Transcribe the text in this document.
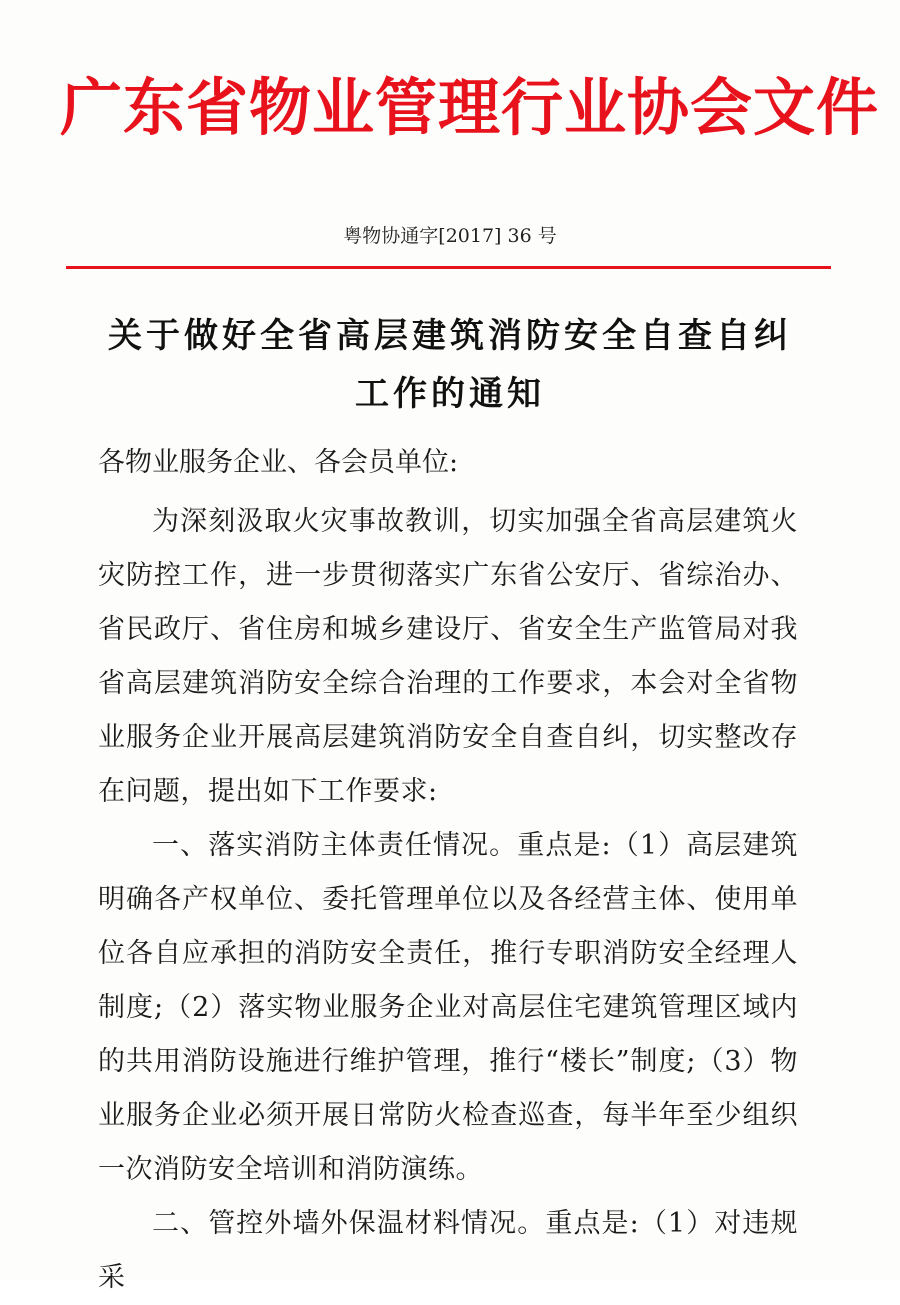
广东省物业管理行业协会文件
粤物协通字[2017] 36 号
关于做好全省高层建筑消防安全自查自纠
工作的通知
各物业服务企业、各会员单位:

为深刻汲取火灾事故教训，切实加强全省高层建筑火灾防控工作，进一步贯彻落实广东省公安厅、省综治办、省民政厅、省住房和城乡建设厅、省安全生产监管局对我省高层建筑消防安全综合治理的工作要求，本会对全省物业服务企业开展高层建筑消防安全自查自纠，切实整改存在问题，提出如下工作要求:

一、落实消防主体责任情况。重点是:（1）高层建筑明确各产权单位、委托管理单位以及各经营主体、使用单位各自应承担的消防安全责任，推行专职消防安全经理人制度;（2）落实物业服务企业对高层住宅建筑管理区域内的共用消防设施进行维护管理，推行“楼长”制度;（3）物业服务企业必须开展日常防火检查巡查，每半年至少组织一次消防安全培训和消防演练。

二、管控外墙外保温材料情况。重点是:（1）对违规采
